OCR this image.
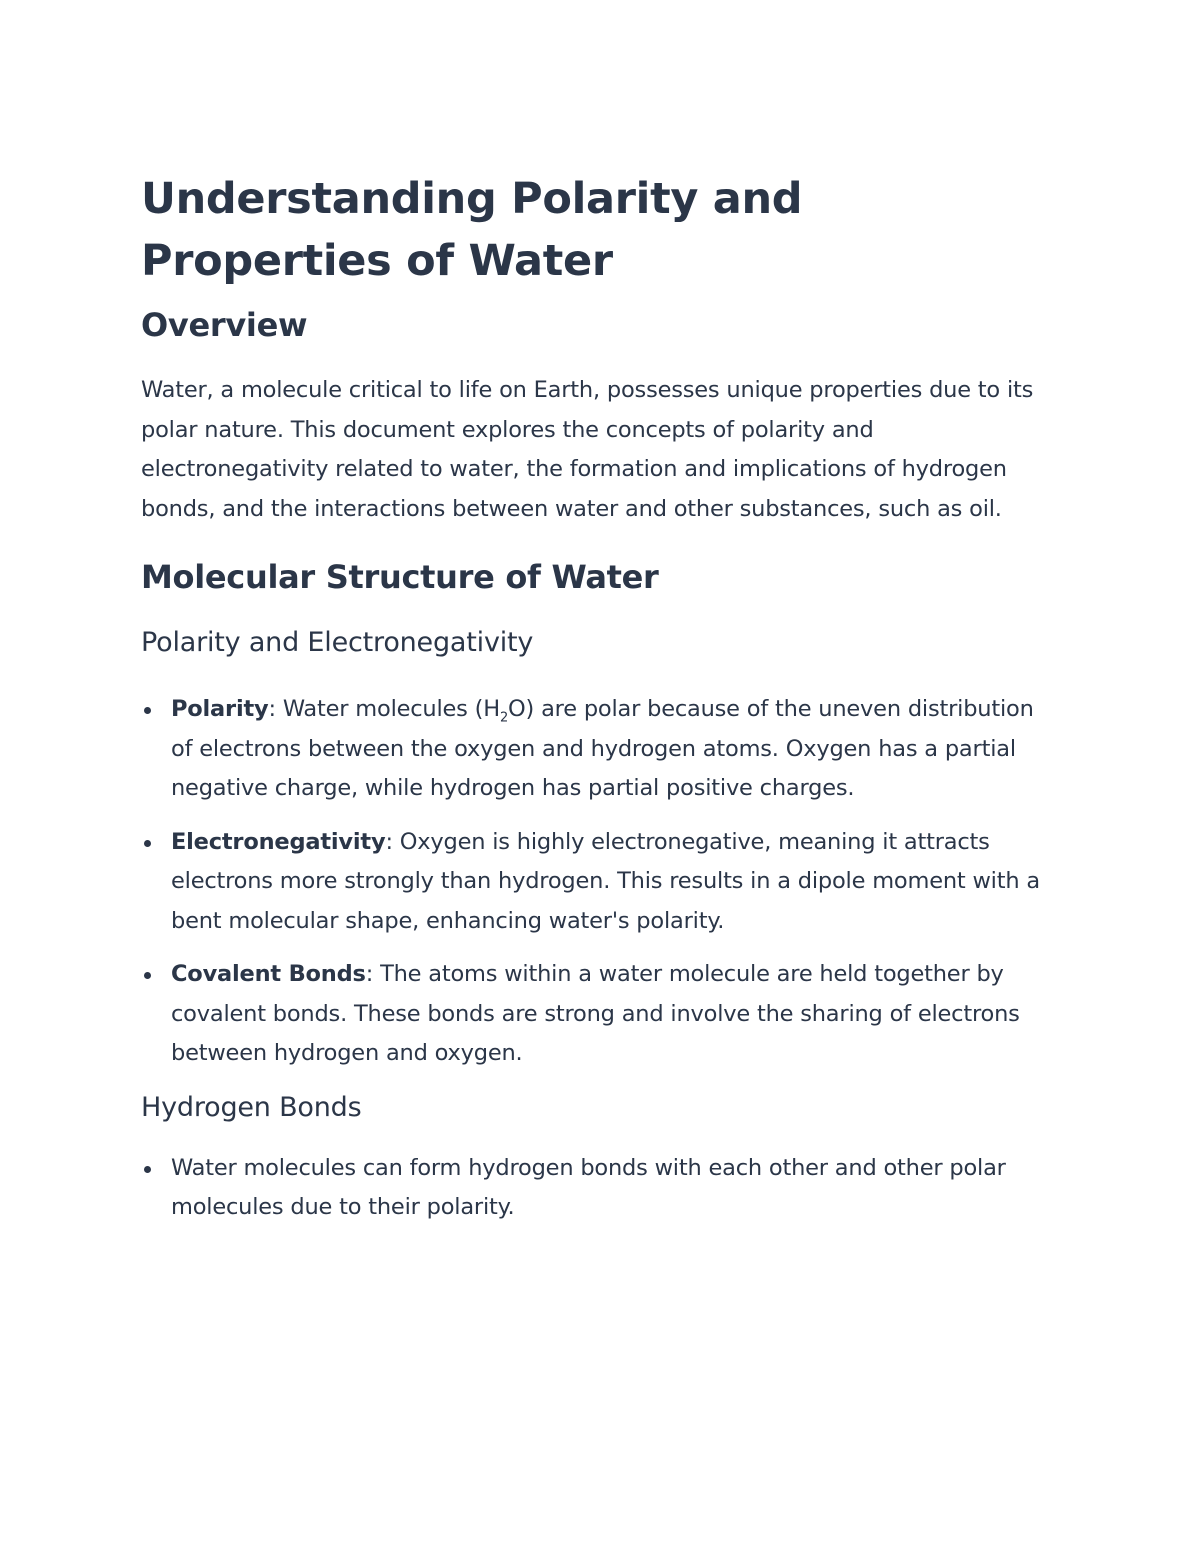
Understanding Polarity and Properties of Water
Overview

Water, a molecule critical to life on Earth, possesses unique properties due to its polar nature. This document explores the concepts of polarity and electronegativity related to water, the formation and implications of hydrogen bonds, and the interactions between water and other substances, such as oil.

Molecular Structure of Water
Polarity and Electronegativity
Polarity: Water molecules $(H_2O)$ are polar because of the uneven distribution of electrons between the oxygen and hydrogen atoms. Oxygen has a partial negative charge, while hydrogen has partial positive charges.
Electronegativity: Oxygen is highly electronegative, meaning it attracts electrons more strongly than hydrogen. This results in a dipole moment with a bent molecular shape, enhancing water's polarity.
Covalent Bonds: The atoms within a water molecule are held together by covalent bonds. These bonds are strong and involve the sharing of electrons between hydrogen and oxygen.
Hydrogen Bonds
Water molecules can form hydrogen bonds with each other and other polar molecules due to their polarity.
